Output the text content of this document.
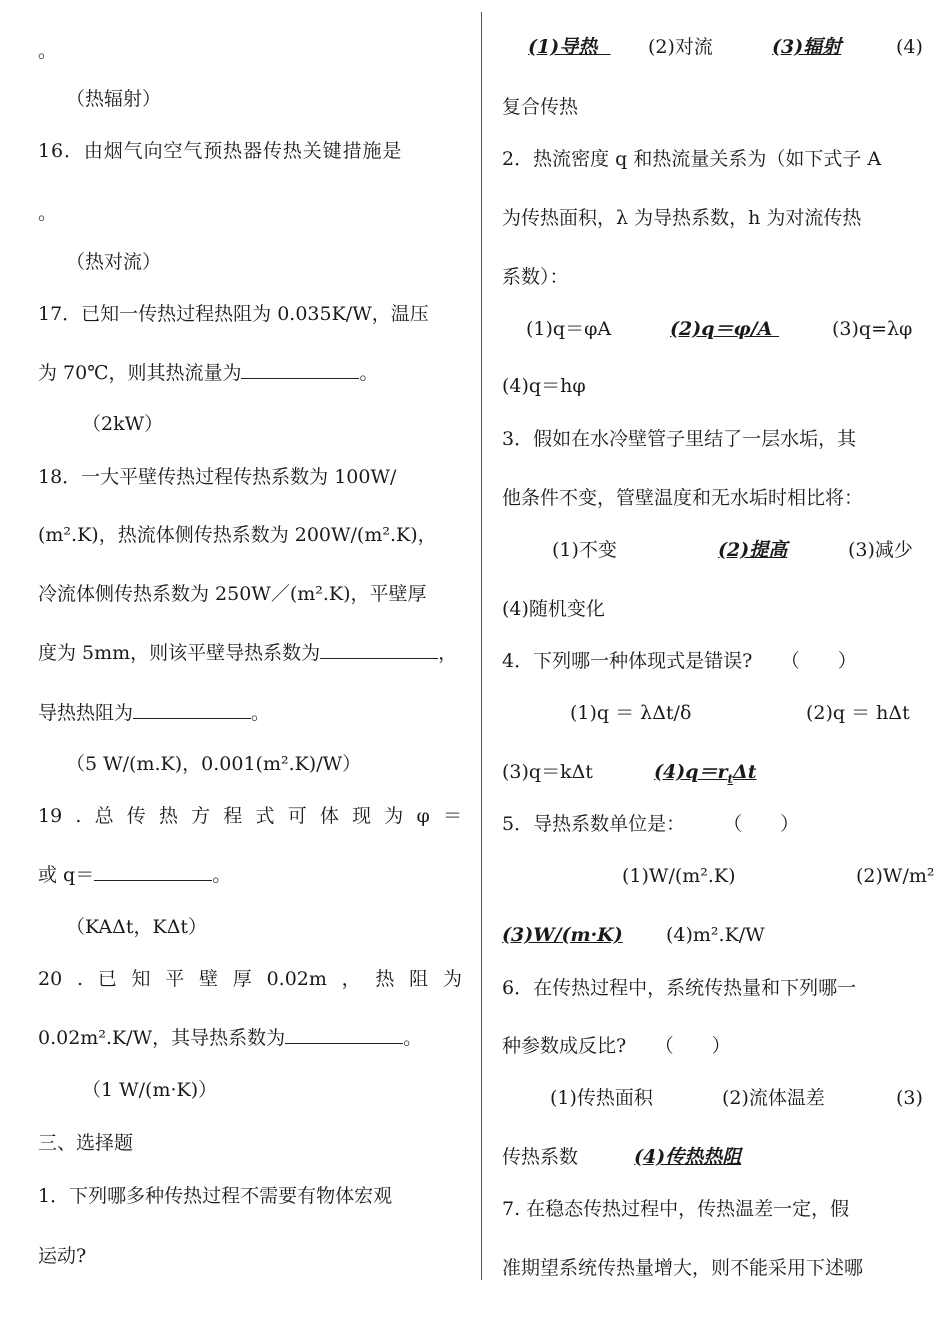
。
（热辐射）
16．由烟气向空气预热器传热关键措施是
。
（热对流）
17．已知一传热过程热阻为 0.035K/W，温压
为 70℃，则其热流量为	。
（2kW）
18．一大平壁传热过程传热系数为 100W/
(m².K)，热流体侧传热系数为 200W/(m².K)，
冷流体侧传热系数为 250W／(m².K)，平壁厚
度为 5mm，则该平壁导热系数为	，
导热热阻为	。
（5 W/(m.K)，0.001(m².K)/W）
19 . 总 传 热 方 程 式 可 体 现 为 φ ＝
或 q＝	。
（KAΔt，KΔt）
20 . 已 知 平 壁 厚 0.02m ， 热 阻 为
0.02m².K/W，其导热系数为	。
（1 W/(m·K)）
三、选择题
1．下列哪多种传热过程不需要有物体宏观
运动?
(1)导热	(2)对流	(3)辐射	(4)
复合传热
2．热流密度 q 和热流量关系为（如下式子 A
为传热面积，λ 为导热系数，h 为对流传热
系数）：
(1)q＝φA	(2)q＝φ/A	(3)q=λφ
(4)q＝hφ
3．假如在水冷壁管子里结了一层水垢，其
他条件不变，管壁温度和无水垢时相比将：
(1)不变	(2)提高	(3)减少
(4)随机变化
4．下列哪一种体现式是错误?　　（　　）
(1)q ＝ λΔt/δ	(2)q ＝ hΔt
(3)q＝kΔt	$(4)q=r_t\Delta t$
5．导热系数单位是：　　　（　　）
(1)W/(m².K)	(2)W/m²
(3)W/(m·K) (4)m².K/W
6．在传热过程中，系统传热量和下列哪一
种参数成反比?　　（　　）
(1)传热面积	(2)流体温差	(3)
传热系数	(4)传热热阻
7. 在稳态传热过程中，传热温差一定，假
准期望系统传热量增大，则不能采用下述哪
